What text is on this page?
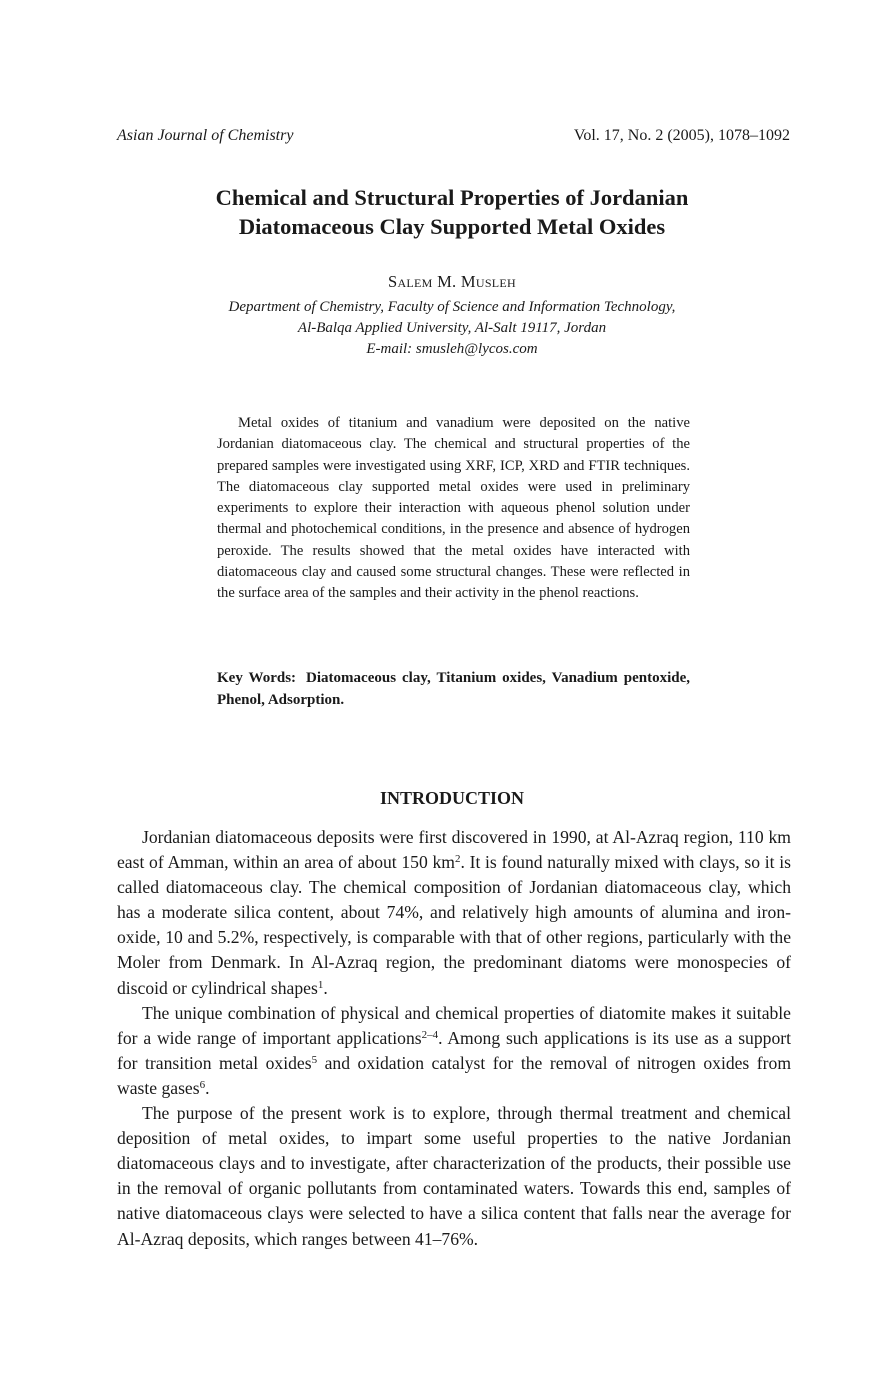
Asian Journal of Chemistry	Vol. 17, No. 2 (2005), 1078–1092
Chemical and Structural Properties of Jordanian
Diatomaceous Clay Supported Metal Oxides
Salem M. Musleh
Department of Chemistry, Faculty of Science and Information Technology,
Al-Balqa Applied University, Al-Salt 19117, Jordan
E-mail: smusleh@lycos.com
Metal oxides of titanium and vanadium were deposited on the native Jordanian diatomaceous clay. The chemical and structural properties of the prepared samples were investigated using XRF, ICP, XRD and FTIR techniques. The diatomaceous clay supported metal oxides were used in preliminary experiments to explore their interaction with aqueous phenol solution under thermal and photochemical conditions, in the presence and absence of hydrogen peroxide. The results showed that the metal oxides have interacted with diatomaceous clay and caused some structural changes. These were reflected in the surface area of the samples and their activity in the phenol reactions.
Key Words: Diatomaceous clay, Titanium oxides, Vanadium pentoxide, Phenol, Adsorption.
INTRODUCTION

Jordanian diatomaceous deposits were first discovered in 1990, at Al-Azraq region, 110 km east of Amman, within an area of about 150 $km^2$. It is found naturally mixed with clays, so it is called diatomaceous clay. The chemical composition of Jordanian diatomaceous clay, which has a moderate silica content, about 74%, and relatively high amounts of alumina and iron-oxide, 10 and 5.2%, respectively, is comparable with that of other regions, particularly with the Moler from Denmark. In Al-Azraq region, the predominant diatoms were monospecies of discoid or cylindrical shapes$^1$.

The unique combination of physical and chemical properties of diatomite makes it suitable for a wide range of important applications$^{2-4}$. Among such applications is its use as a support for transition metal oxides$^5$ and oxidation catalyst for the removal of nitrogen oxides from waste gases$^6$.

The purpose of the present work is to explore, through thermal treatment and chemical deposition of metal oxides, to impart some useful properties to the native Jordanian diatomaceous clays and to investigate, after characterization of the products, their possible use in the removal of organic pollutants from contaminated waters. Towards this end, samples of native diatomaceous clays were selected to have a silica content that falls near the average for Al-Azraq deposits, which ranges between 41–76%.
